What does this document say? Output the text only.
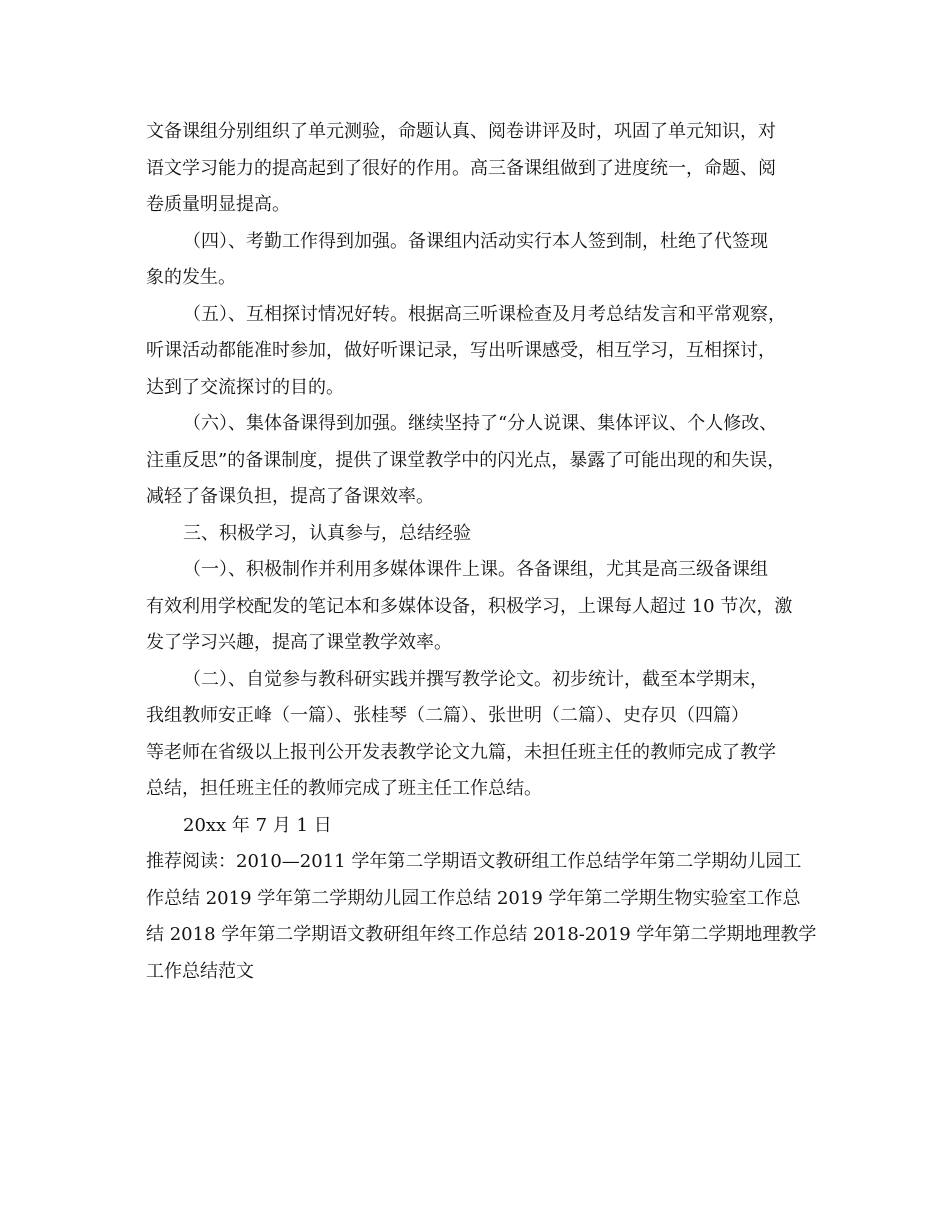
文备课组分别组织了单元测验，命题认真、阅卷讲评及时，巩固了单元知识，对
语文学习能力的提高起到了很好的作用。高三备课组做到了进度统一，命题、阅
卷质量明显提高。
（四）、考勤工作得到加强。备课组内活动实行本人签到制，杜绝了代签现
象的发生。
（五）、互相探讨情况好转。根据高三听课检查及月考总结发言和平常观察，
听课活动都能准时参加，做好听课记录，写出听课感受，相互学习，互相探讨，
达到了交流探讨的目的。
（六）、集体备课得到加强。继续坚持了“分人说课、集体评议、个人修改、
注重反思”的备课制度，提供了课堂教学中的闪光点，暴露了可能出现的和失误，
减轻了备课负担，提高了备课效率。
三、积极学习，认真参与，总结经验
（一）、积极制作并利用多媒体课件上课。各备课组，尤其是高三级备课组
有效利用学校配发的笔记本和多媒体设备，积极学习，上课每人超过 10 节次，激
发了学习兴趣，提高了课堂教学效率。
（二）、自觉参与教科研实践并撰写教学论文。初步统计，截至本学期末，
我组教师安正峰（一篇）、张桂琴（二篇）、张世明（二篇）、史存贝（四篇）
等老师在省级以上报刊公开发表教学论文九篇，未担任班主任的教师完成了教学
总结，担任班主任的教师完成了班主任工作总结。
20xx 年 7 月 1 日
推荐阅读：2010—2011 学年第二学期语文教研组工作总结学年第二学期幼儿园工
作总结 2019 学年第二学期幼儿园工作总结 2019 学年第二学期生物实验室工作总
结 2018 学年第二学期语文教研组年终工作总结 2018-2019 学年第二学期地理教学
工作总结范文
